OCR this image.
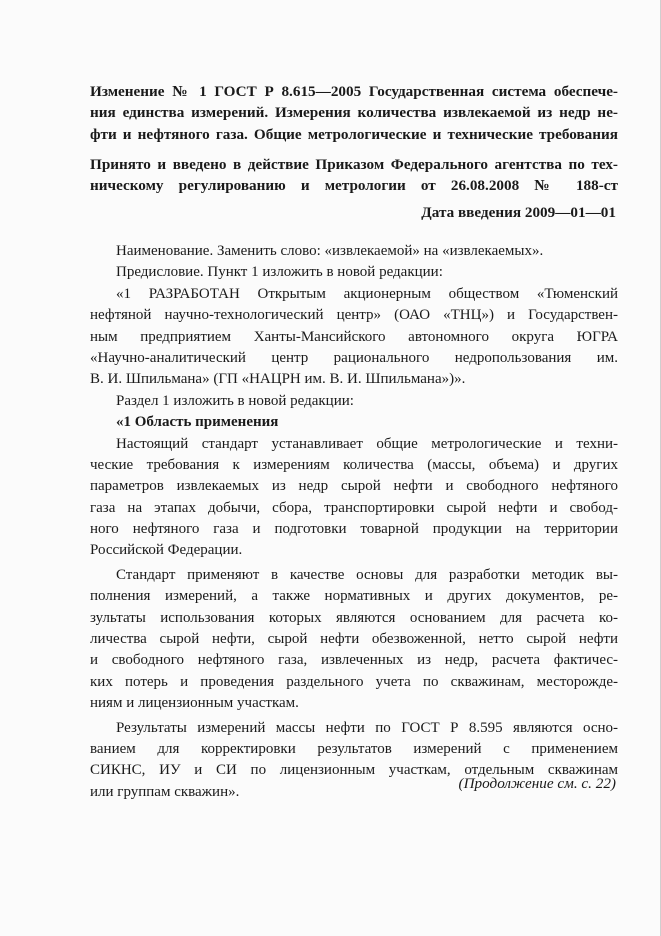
Изменение № 1 ГОСТ Р 8.615—2005 Государственная система обеспече-

ния единства измерений. Измерения количества извлекаемой из недр не-

фти и нефтяного газа. Общие метрологические и технические требования

Принято и введено в действие Приказом Федерального агентства по тех-

ническому регулированию и метрологии от 26.08.2008 № 188-ст

Дата введения 2009—01—01
Наименование. Заменить слово: «извлекаемой» на «извлекаемых».
Предисловие. Пункт 1 изложить в новой редакции:
«1 РАЗРАБОТАН Открытым акционерным обществом «Тюменский
нефтяной научно-технологический центр» (ОАО «ТНЦ») и Государствен-
ным предприятием Ханты-Мансийского автономного округа ЮГРА
«Научно-аналитический центр рационального недропользования им.
В. И. Шпильмана» (ГП «НАЦРН им. В. И. Шпильмана»)».
Раздел 1 изложить в новой редакции:
«1 Область применения
Настоящий стандарт устанавливает общие метрологические и техни-
ческие требования к измерениям количества (массы, объема) и других
параметров извлекаемых из недр сырой нефти и свободного нефтяного
газа на этапах добычи, сбора, транспортировки сырой нефти и свобод-
ного нефтяного газа и подготовки товарной продукции на территории
Российской Федерации.
Стандарт применяют в качестве основы для разработки методик вы-
полнения измерений, а также нормативных и других документов, ре-
зультаты использования которых являются основанием для расчета ко-
личества сырой нефти, сырой нефти обезвоженной, нетто сырой нефти
и свободного нефтяного газа, извлеченных из недр, расчета фактичес-
ких потерь и проведения раздельного учета по скважинам, месторожде-
ниям и лицензионным участкам.
Результаты измерений массы нефти по ГОСТ Р 8.595 являются осно-
ванием для корректировки результатов измерений с применением
СИКНС, ИУ и СИ по лицензионным участкам, отдельным скважинам
или группам скважин».	(Продолжение см. с. 22)
